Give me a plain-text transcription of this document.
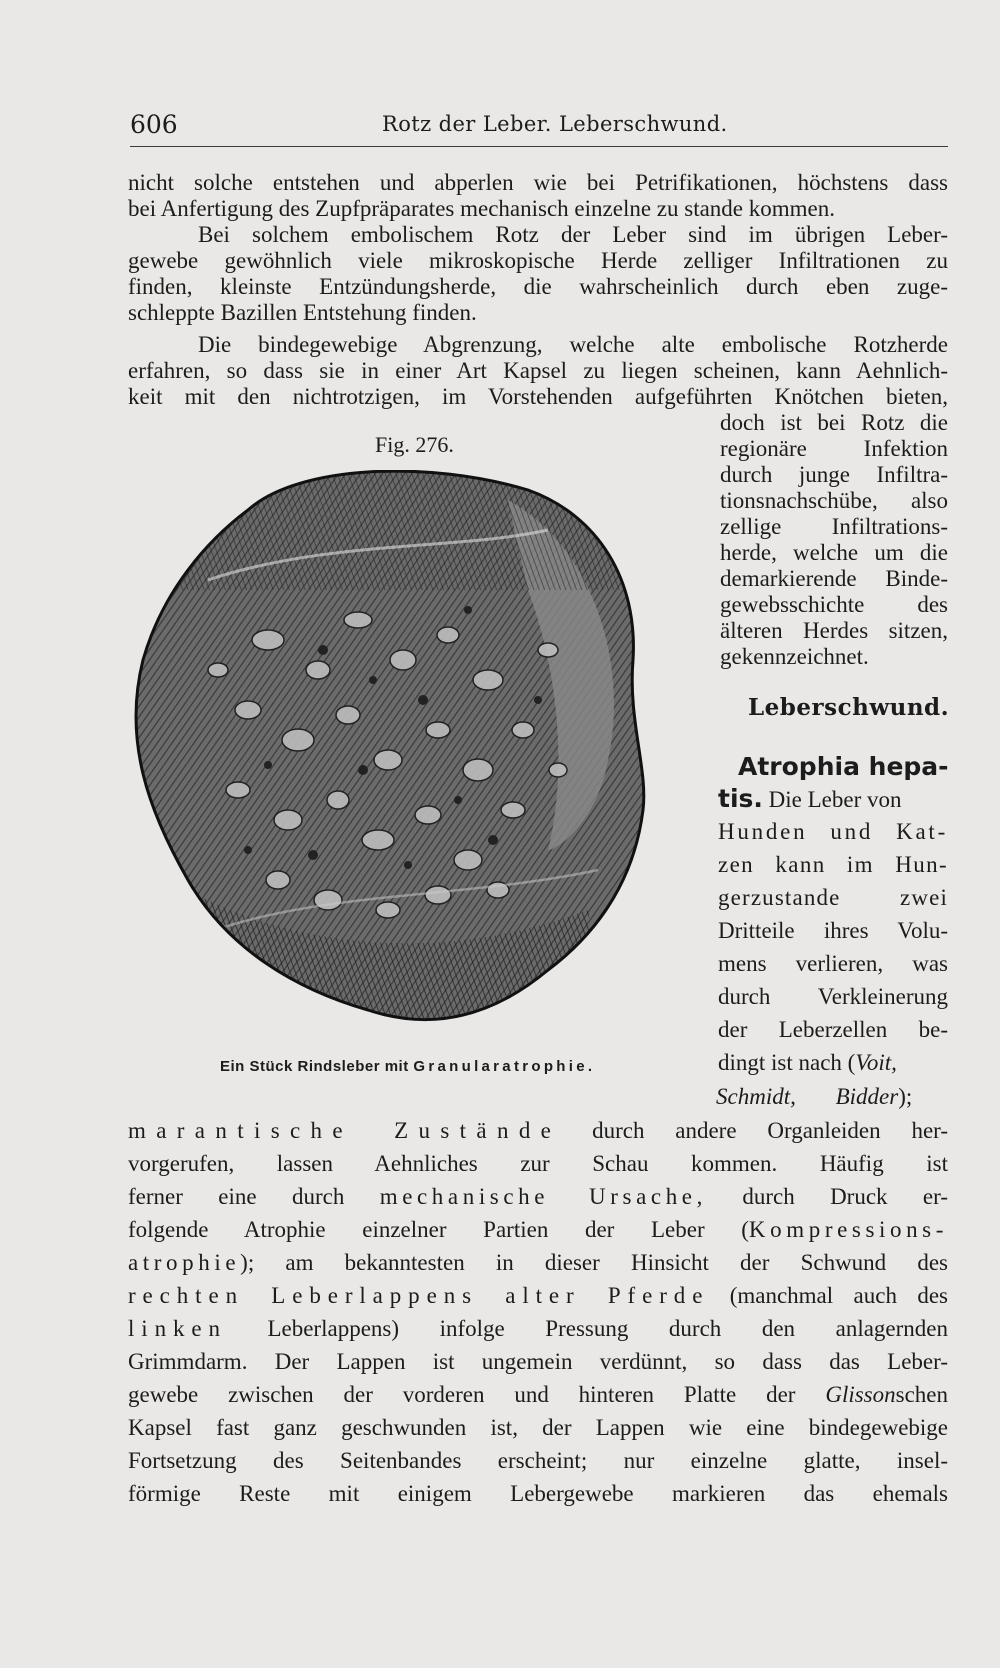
606	Rotz der Leber. Leberschwund.
nicht solche entstehen und abperlen wie bei Petrifikationen, höchstens dass
bei Anfertigung des Zupfpräparates mechanisch einzelne zu stande kommen.
Bei solchem embolischem Rotz der Leber sind im übrigen Leber-
gewebe gewöhnlich viele mikroskopische Herde zelliger Infiltrationen zu
finden, kleinste Entzündungsherde, die wahrscheinlich durch eben zuge-
schleppte Bazillen Entstehung finden.
Die bindegewebige Abgrenzung, welche alte embolische Rotzherde
erfahren, so dass sie in einer Art Kapsel zu liegen scheinen, kann Aehnlich-
keit mit den nichtrotzigen, im Vorstehenden aufgeführten Knötchen bieten,
doch ist bei Rotz die
regionäre Infektion
durch junge Infiltra-
tionsnachschübe, also
zellige Infiltrations-
herde, welche um die
demarkierende Binde-
gewebsschichte des
älteren Herdes sitzen,
gekennzeichnet.
Fig. 276.
Ein Stück Rindsleber mit Granularatrophie.
Leberschwund.
Atrophia hepa-
tis. Die Leber von
Hunden und Kat-
zen kann im Hun-
gerzustande zwei
Dritteile ihres Volu-
mens verlieren, was
durch Verkleinerung
der Leberzellen be-
dingt ist nach (Voit,
Schmidt, Bidder);
marantische Zustände durch andere Organleiden her-
vorgerufen, lassen Aehnliches zur Schau kommen. Häufig ist
ferner eine durch mechanische Ursache, durch Druck er-
folgende Atrophie einzelner Partien der Leber (Kompressions-
atrophie); am bekanntesten in dieser Hinsicht der Schwund des
rechten Leberlappens alter Pferde (manchmal auch des
linken Leberlappens) infolge Pressung durch den anlagernden
Grimmdarm. Der Lappen ist ungemein verdünnt, so dass das Leber-
gewebe zwischen der vorderen und hinteren Platte der Glissonschen
Kapsel fast ganz geschwunden ist, der Lappen wie eine bindegewebige
Fortsetzung des Seitenbandes erscheint; nur einzelne glatte, insel-
förmige Reste mit einigem Lebergewebe markieren das ehemals
